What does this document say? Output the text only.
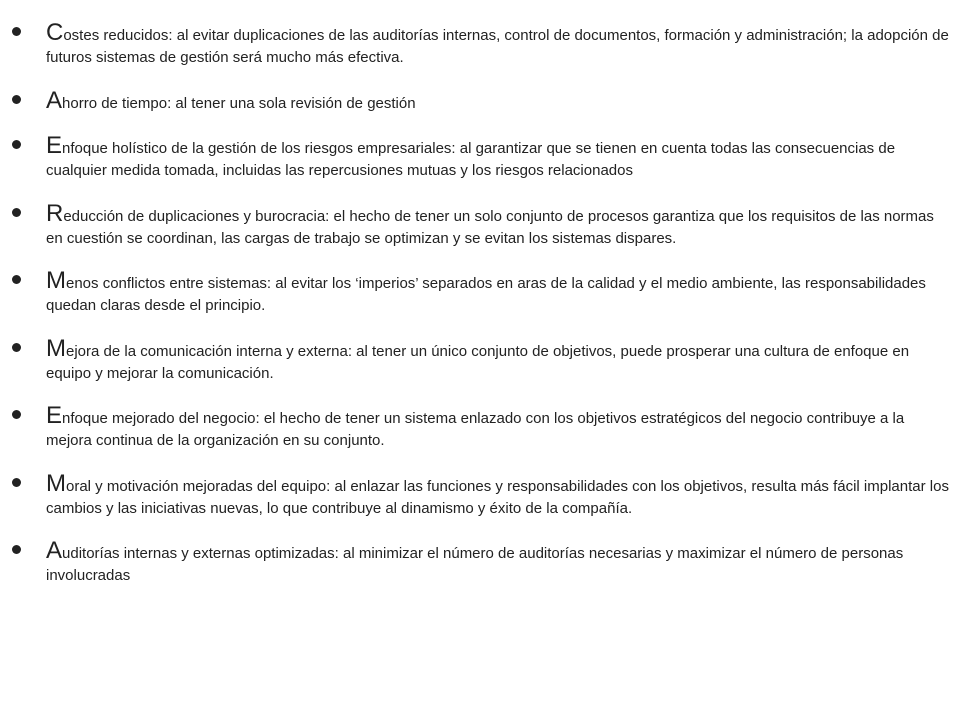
Costes reducidos: al evitar duplicaciones de las auditorías internas, control de documentos, formación y administración; la adopción de futuros sistemas de gestión será mucho más efectiva.
Ahorro de tiempo: al tener una sola revisión de gestión
Enfoque holístico de la gestión de los riesgos empresariales: al garantizar que se tienen en cuenta todas las consecuencias de cualquier medida tomada, incluidas las repercusiones mutuas y los riesgos relacionados
Reducción de duplicaciones y burocracia: el hecho de tener un solo conjunto de procesos garantiza que los requisitos de las normas en cuestión se coordinan, las cargas de trabajo se optimizan y se evitan los sistemas dispares.
Menos conflictos entre sistemas: al evitar los ‘imperios’ separados en aras de la calidad y el medio ambiente, las responsabilidades quedan claras desde el principio.
Mejora de la comunicación interna y externa: al tener un único conjunto de objetivos, puede prosperar una cultura de enfoque en equipo y mejorar la comunicación.
Enfoque mejorado del negocio: el hecho de tener un sistema enlazado con los objetivos estratégicos del negocio contribuye a la mejora continua de la organización en su conjunto.
Moral y motivación mejoradas del equipo: al enlazar las funciones y responsabilidades con los objetivos, resulta más fácil implantar los cambios y las iniciativas nuevas, lo que contribuye al dinamismo y éxito de la compañía.
Auditorías internas y externas optimizadas: al minimizar el número de auditorías necesarias y maximizar el número de personas involucradas
